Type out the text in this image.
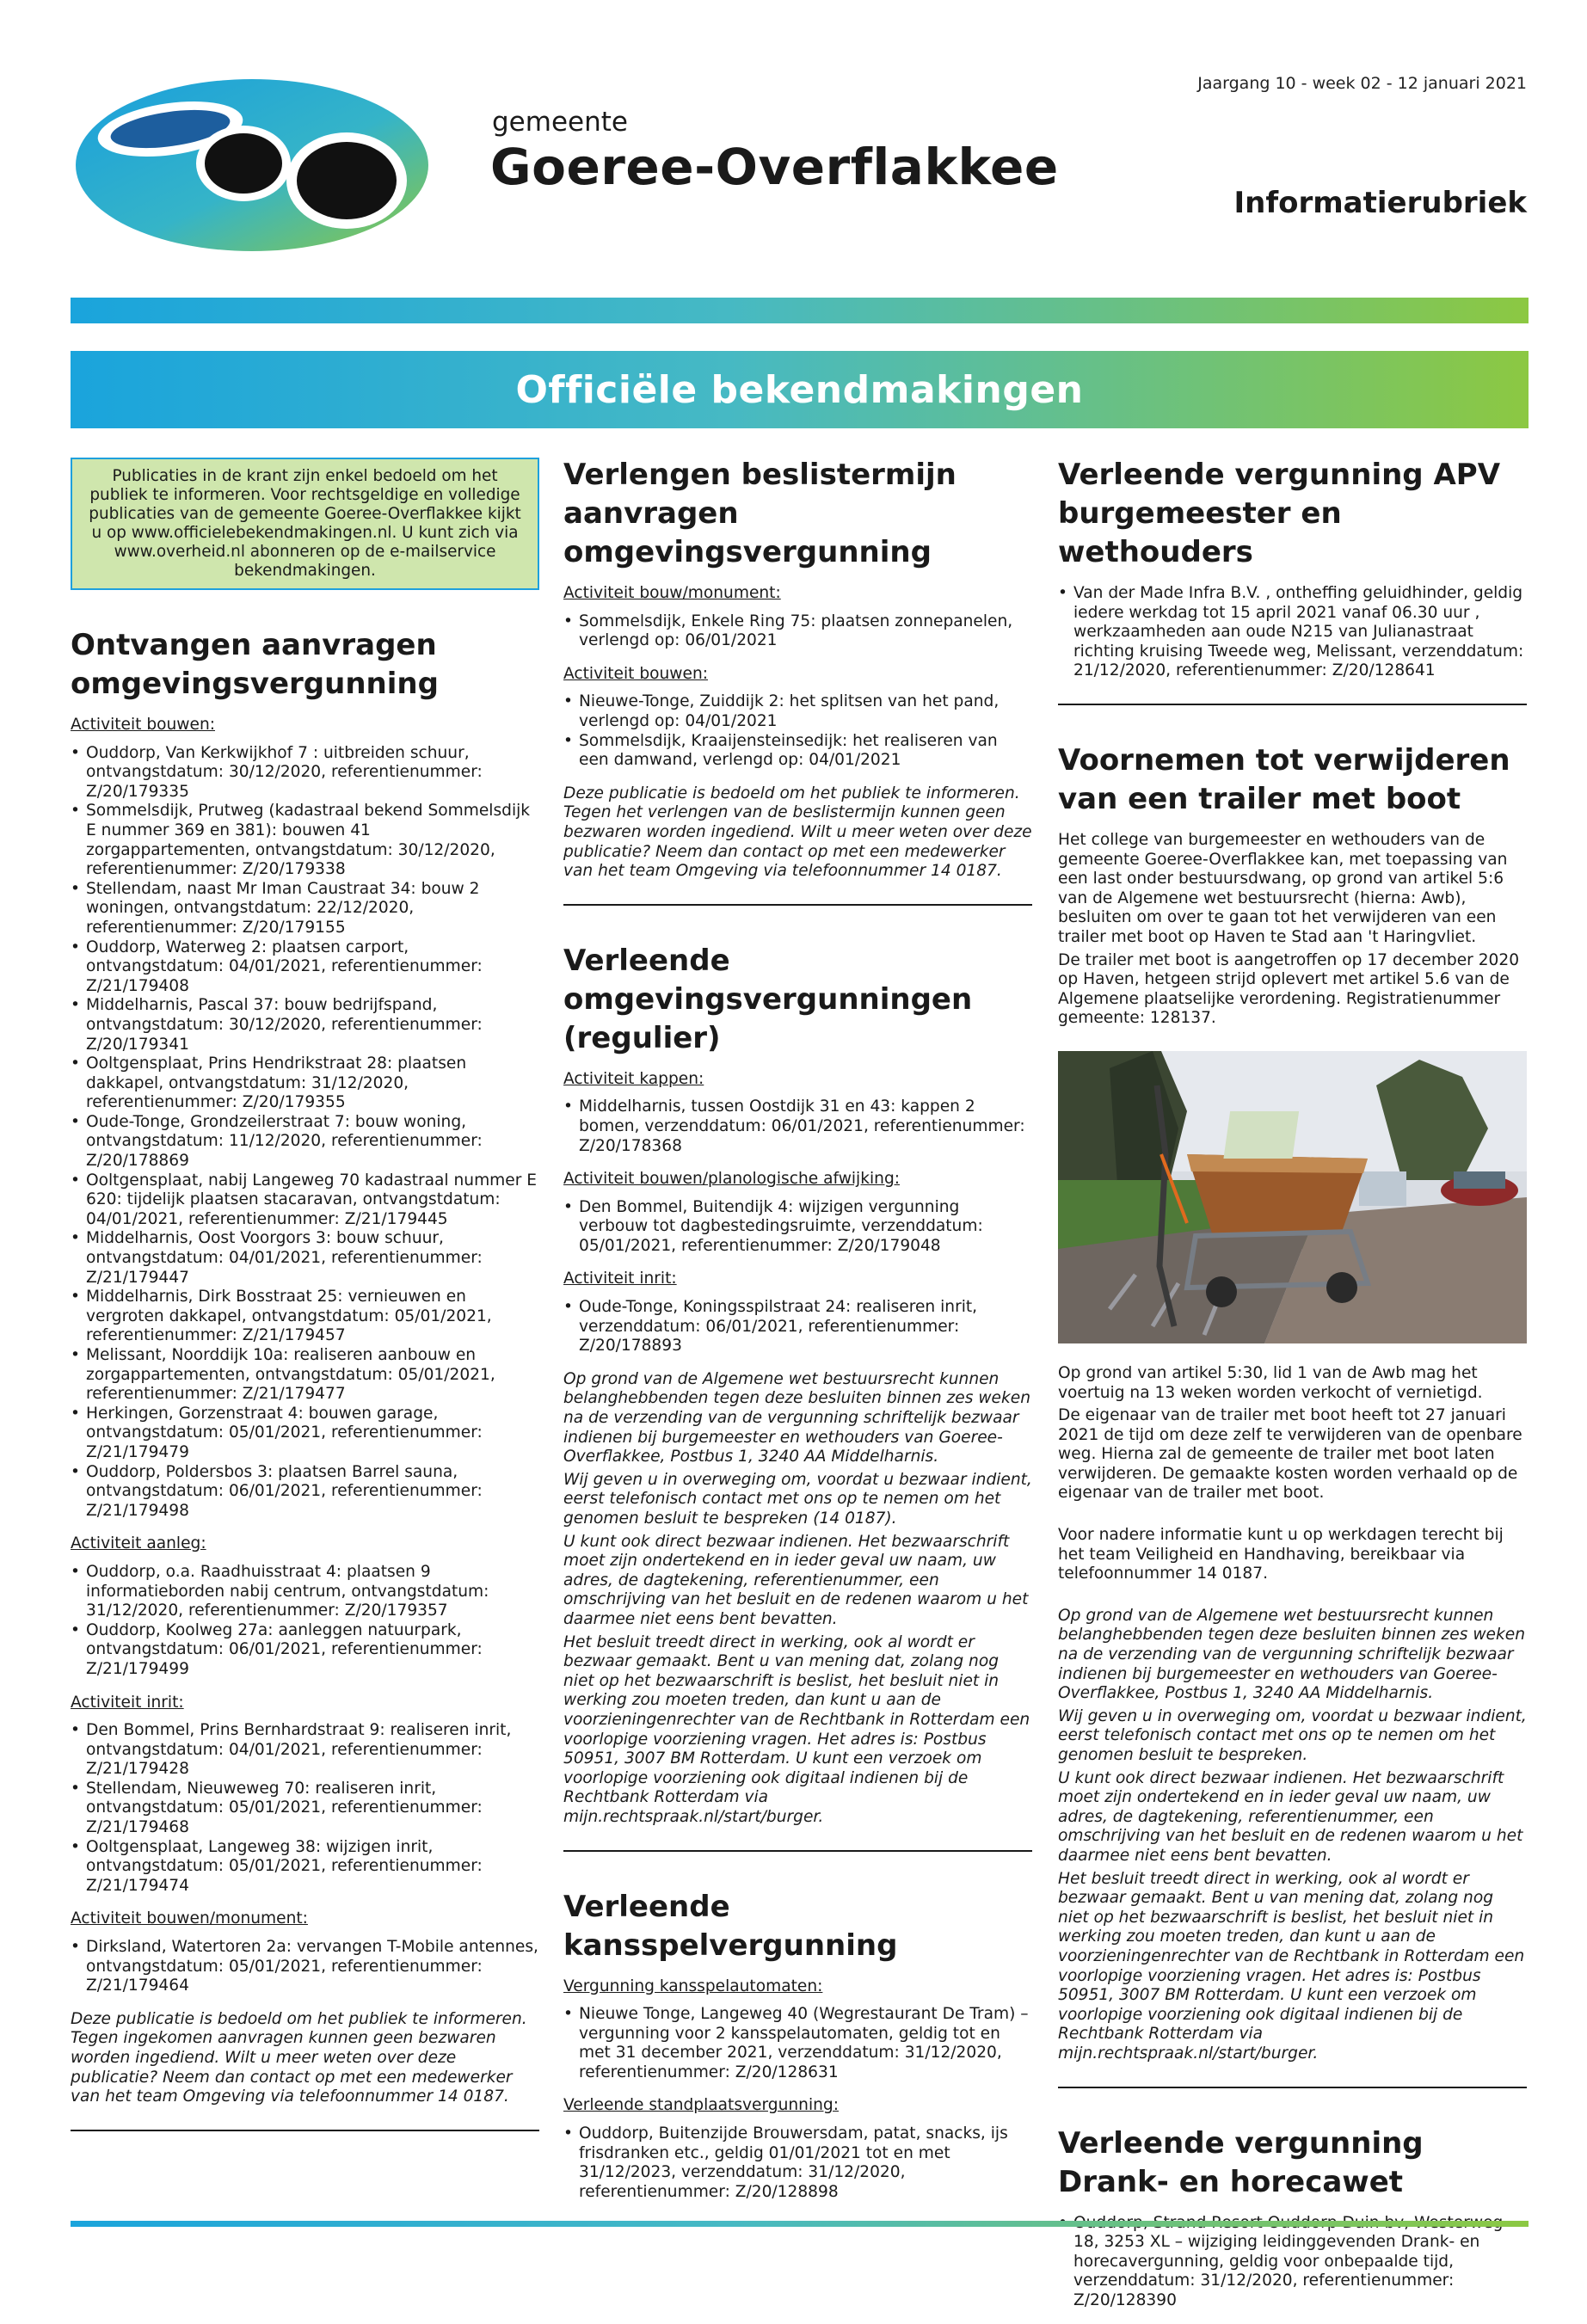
gemeente
Goeree-Overflakkee
Jaargang 10 - week 02 - 12 januari 2021
Informatierubriek
Officiële bekendmakingen
Publicaties in de krant zijn enkel bedoeld om het publiek te informeren. Voor rechtsgeldige en volledige publicaties van de gemeente Goeree-Overflakkee kijkt u op www.officielebekendmakingen.nl. U kunt zich via www.overheid.nl abonneren op de e-mailservice bekendmakingen.
Ontvangen aanvragen omgevingsvergunning
Activiteit bouwen:
• Ouddorp, Van Kerkwijkhof 7 : uitbreiden schuur, ontvangstdatum: 30/12/2020, referentienummer: Z/20/179335
• Sommelsdijk, Prutweg (kadastraal bekend Sommelsdijk E nummer 369 en 381): bouwen 41 zorgappartementen, ontvangstdatum: 30/12/2020, referentienummer: Z/20/179338
• Stellendam, naast Mr Iman Caustraat 34: bouw 2 woningen, ontvangstdatum: 22/12/2020, referentienummer: Z/20/179155
• Ouddorp, Waterweg 2: plaatsen carport, ontvangstdatum: 04/01/2021, referentienummer: Z/21/179408
• Middelharnis, Pascal 37: bouw bedrijfspand, ontvangstdatum: 30/12/2020, referentienummer: Z/20/179341
• Ooltgensplaat, Prins Hendrikstraat 28: plaatsen dakkapel, ontvangstdatum: 31/12/2020, referentienummer: Z/20/179355
• Oude-Tonge, Grondzeilerstraat 7: bouw woning, ontvangstdatum: 11/12/2020, referentienummer: Z/20/178869
• Ooltgensplaat, nabij Langeweg 70 kadastraal nummer E 620: tijdelijk plaatsen stacaravan, ontvangstdatum: 04/01/2021, referentienummer: Z/21/179445
• Middelharnis, Oost Voorgors 3: bouw schuur, ontvangstdatum: 04/01/2021, referentienummer: Z/21/179447
• Middelharnis, Dirk Bosstraat 25: vernieuwen en vergroten dakkapel, ontvangstdatum: 05/01/2021, referentienummer: Z/21/179457
• Melissant, Noorddijk 10a: realiseren aanbouw en zorgappartementen, ontvangstdatum: 05/01/2021, referentienummer: Z/21/179477
• Herkingen, Gorzenstraat 4: bouwen garage, ontvangstdatum: 05/01/2021, referentienummer: Z/21/179479
• Ouddorp, Poldersbos 3: plaatsen Barrel sauna, ontvangstdatum: 06/01/2021, referentienummer: Z/21/179498
Activiteit aanleg:
• Ouddorp, o.a. Raadhuisstraat 4: plaatsen 9 informatieborden nabij centrum, ontvangstdatum: 31/12/2020, referentienummer: Z/20/179357
• Ouddorp, Koolweg 27a: aanleggen natuurpark, ontvangstdatum: 06/01/2021, referentienummer: Z/21/179499
Activiteit inrit:
• Den Bommel, Prins Bernhardstraat 9: realiseren inrit, ontvangstdatum: 04/01/2021, referentienummer: Z/21/179428
• Stellendam, Nieuweweg 70: realiseren inrit, ontvangstdatum: 05/01/2021, referentienummer: Z/21/179468
• Ooltgensplaat, Langeweg 38: wijzigen inrit, ontvangstdatum: 05/01/2021, referentienummer: Z/21/179474
Activiteit bouwen/monument:
• Dirksland, Watertoren 2a: vervangen T-Mobile antennes, ontvangstdatum: 05/01/2021, referentienummer: Z/21/179464

Deze publicatie is bedoeld om het publiek te informeren. Tegen ingekomen aanvragen kunnen geen bezwaren worden ingediend. Wilt u meer weten over deze publicatie? Neem dan contact op met een medewerker van het team Omgeving via telefoonnummer 14 0187.

Verlengen beslistermijn aanvragen omgevingsvergunning
Activiteit bouw/monument:
• Sommelsdijk, Enkele Ring 75: plaatsen zonnepanelen, verlengd op: 06/01/2021
Activiteit bouwen:
• Nieuwe-Tonge, Zuiddijk 2: het splitsen van het pand, verlengd op: 04/01/2021
• Sommelsdijk, Kraaijensteinsedijk: het realiseren van een damwand, verlengd op: 04/01/2021

Deze publicatie is bedoeld om het publiek te informeren. Tegen het verlengen van de beslistermijn kunnen geen bezwaren worden ingediend. Wilt u meer weten over deze publicatie? Neem dan contact op met een medewerker van het team Omgeving via telefoonnummer 14 0187.

Verleende omgevingsvergunningen (regulier)
Activiteit kappen:
• Middelharnis, tussen Oostdijk 31 en 43: kappen 2 bomen, verzenddatum: 06/01/2021, referentienummer: Z/20/178368
Activiteit bouwen/planologische afwijking:
• Den Bommel, Buitendijk 4: wijzigen vergunning verbouw tot dagbestedingsruimte, verzenddatum: 05/01/2021, referentienummer: Z/20/179048
Activiteit inrit:
• Oude-Tonge, Koningsspilstraat 24: realiseren inrit, verzenddatum: 06/01/2021, referentienummer: Z/20/178893

Op grond van de Algemene wet bestuursrecht kunnen belanghebbenden tegen deze besluiten binnen zes weken na de verzending van de vergunning schriftelijk bezwaar indienen bij burgemeester en wethouders van Goeree-Overflakkee, Postbus 1, 3240 AA Middelharnis.

Wij geven u in overweging om, voordat u bezwaar indient, eerst telefonisch contact met ons op te nemen om het genomen besluit te bespreken (14 0187).

U kunt ook direct bezwaar indienen. Het bezwaarschrift moet zijn ondertekend en in ieder geval uw naam, uw adres, de dagtekening, referentienummer, een omschrijving van het besluit en de redenen waarom u het daarmee niet eens bent bevatten.

Het besluit treedt direct in werking, ook al wordt er bezwaar gemaakt. Bent u van mening dat, zolang nog niet op het bezwaarschrift is beslist, het besluit niet in werking zou moeten treden, dan kunt u aan de voorzieningenrechter van de Rechtbank in Rotterdam een voorlopige voorziening vragen. Het adres is: Postbus 50951, 3007 BM Rotterdam. U kunt een verzoek om voorlopige voorziening ook digitaal indienen bij de Rechtbank Rotterdam via mijn.rechtspraak.nl/start/burger.

Verleende kansspelvergunning
Vergunning kansspelautomaten:
• Nieuwe Tonge, Langeweg 40 (Wegrestaurant De Tram) – vergunning voor 2 kansspelautomaten, geldig tot en met 31 december 2021, verzenddatum: 31/12/2020, referentienummer: Z/20/128631
Verleende standplaatsvergunning:
• Ouddorp, Buitenzijde Brouwersdam, patat, snacks, ijs frisdranken etc., geldig 01/01/2021 tot en met 31/12/2023, verzenddatum: 31/12/2020, referentienummer: Z/20/128898
Verleende vergunning APV burgemeester en wethouders
• Van der Made Infra B.V. , ontheffing geluidhinder, geldig iedere werkdag tot 15 april 2021 vanaf 06.30 uur , werkzaamheden aan oude N215 van Julianastraat richting kruising Tweede weg, Melissant, verzenddatum: 21/12/2020, referentienummer: Z/20/128641
Voornemen tot verwijderen van een trailer met boot

Het college van burgemeester en wethouders van de gemeente Goeree-Overflakkee kan, met toepassing van een last onder bestuursdwang, op grond van artikel 5:6 van de Algemene wet bestuursrecht (hierna: Awb), besluiten om over te gaan tot het verwijderen van een trailer met boot op Haven te Stad aan 't Haringvliet.

De trailer met boot is aangetroffen op 17 december 2020 op Haven, hetgeen strijd oplevert met artikel 5.6 van de Algemene plaatselijke verordening. Registratienummer gemeente: 128137.

Op grond van artikel 5:30, lid 1 van de Awb mag het voertuig na 13 weken worden verkocht of vernietigd.

De eigenaar van de trailer met boot heeft tot 27 januari 2021 de tijd om deze zelf te verwijderen van de openbare weg. Hierna zal de gemeente de trailer met boot laten verwijderen. De gemaakte kosten worden verhaald op de eigenaar van de trailer met boot.

Voor nadere informatie kunt u op werkdagen terecht bij het team Veiligheid en Handhaving, bereikbaar via telefoonnummer 14 0187.

Op grond van de Algemene wet bestuursrecht kunnen belanghebbenden tegen deze besluiten binnen zes weken na de verzending van de vergunning schriftelijk bezwaar indienen bij burgemeester en wethouders van Goeree-Overflakkee, Postbus 1, 3240 AA Middelharnis.

Wij geven u in overweging om, voordat u bezwaar indient, eerst telefonisch contact met ons op te nemen om het genomen besluit te bespreken.

U kunt ook direct bezwaar indienen. Het bezwaarschrift moet zijn ondertekend en in ieder geval uw naam, uw adres, de dagtekening, referentienummer, een omschrijving van het besluit en de redenen waarom u het daarmee niet eens bent bevatten.

Het besluit treedt direct in werking, ook al wordt er bezwaar gemaakt. Bent u van mening dat, zolang nog niet op het bezwaarschrift is beslist, het besluit niet in werking zou moeten treden, dan kunt u aan de voorzieningenrechter van de Rechtbank in Rotterdam een voorlopige voorziening vragen. Het adres is: Postbus 50951, 3007 BM Rotterdam. U kunt een verzoek om voorlopige voorziening ook digitaal indienen bij de Rechtbank Rotterdam via mijn.rechtspraak.nl/start/burger.

Verleende vergunning Drank- en horecawet
• 18, 3253 XL – wijziging leidinggevenden Drank- en horecavergunning, geldig voor onbepaalde tijd, verzenddatum: 31/12/2020, referentienummer: Z/20/128390
